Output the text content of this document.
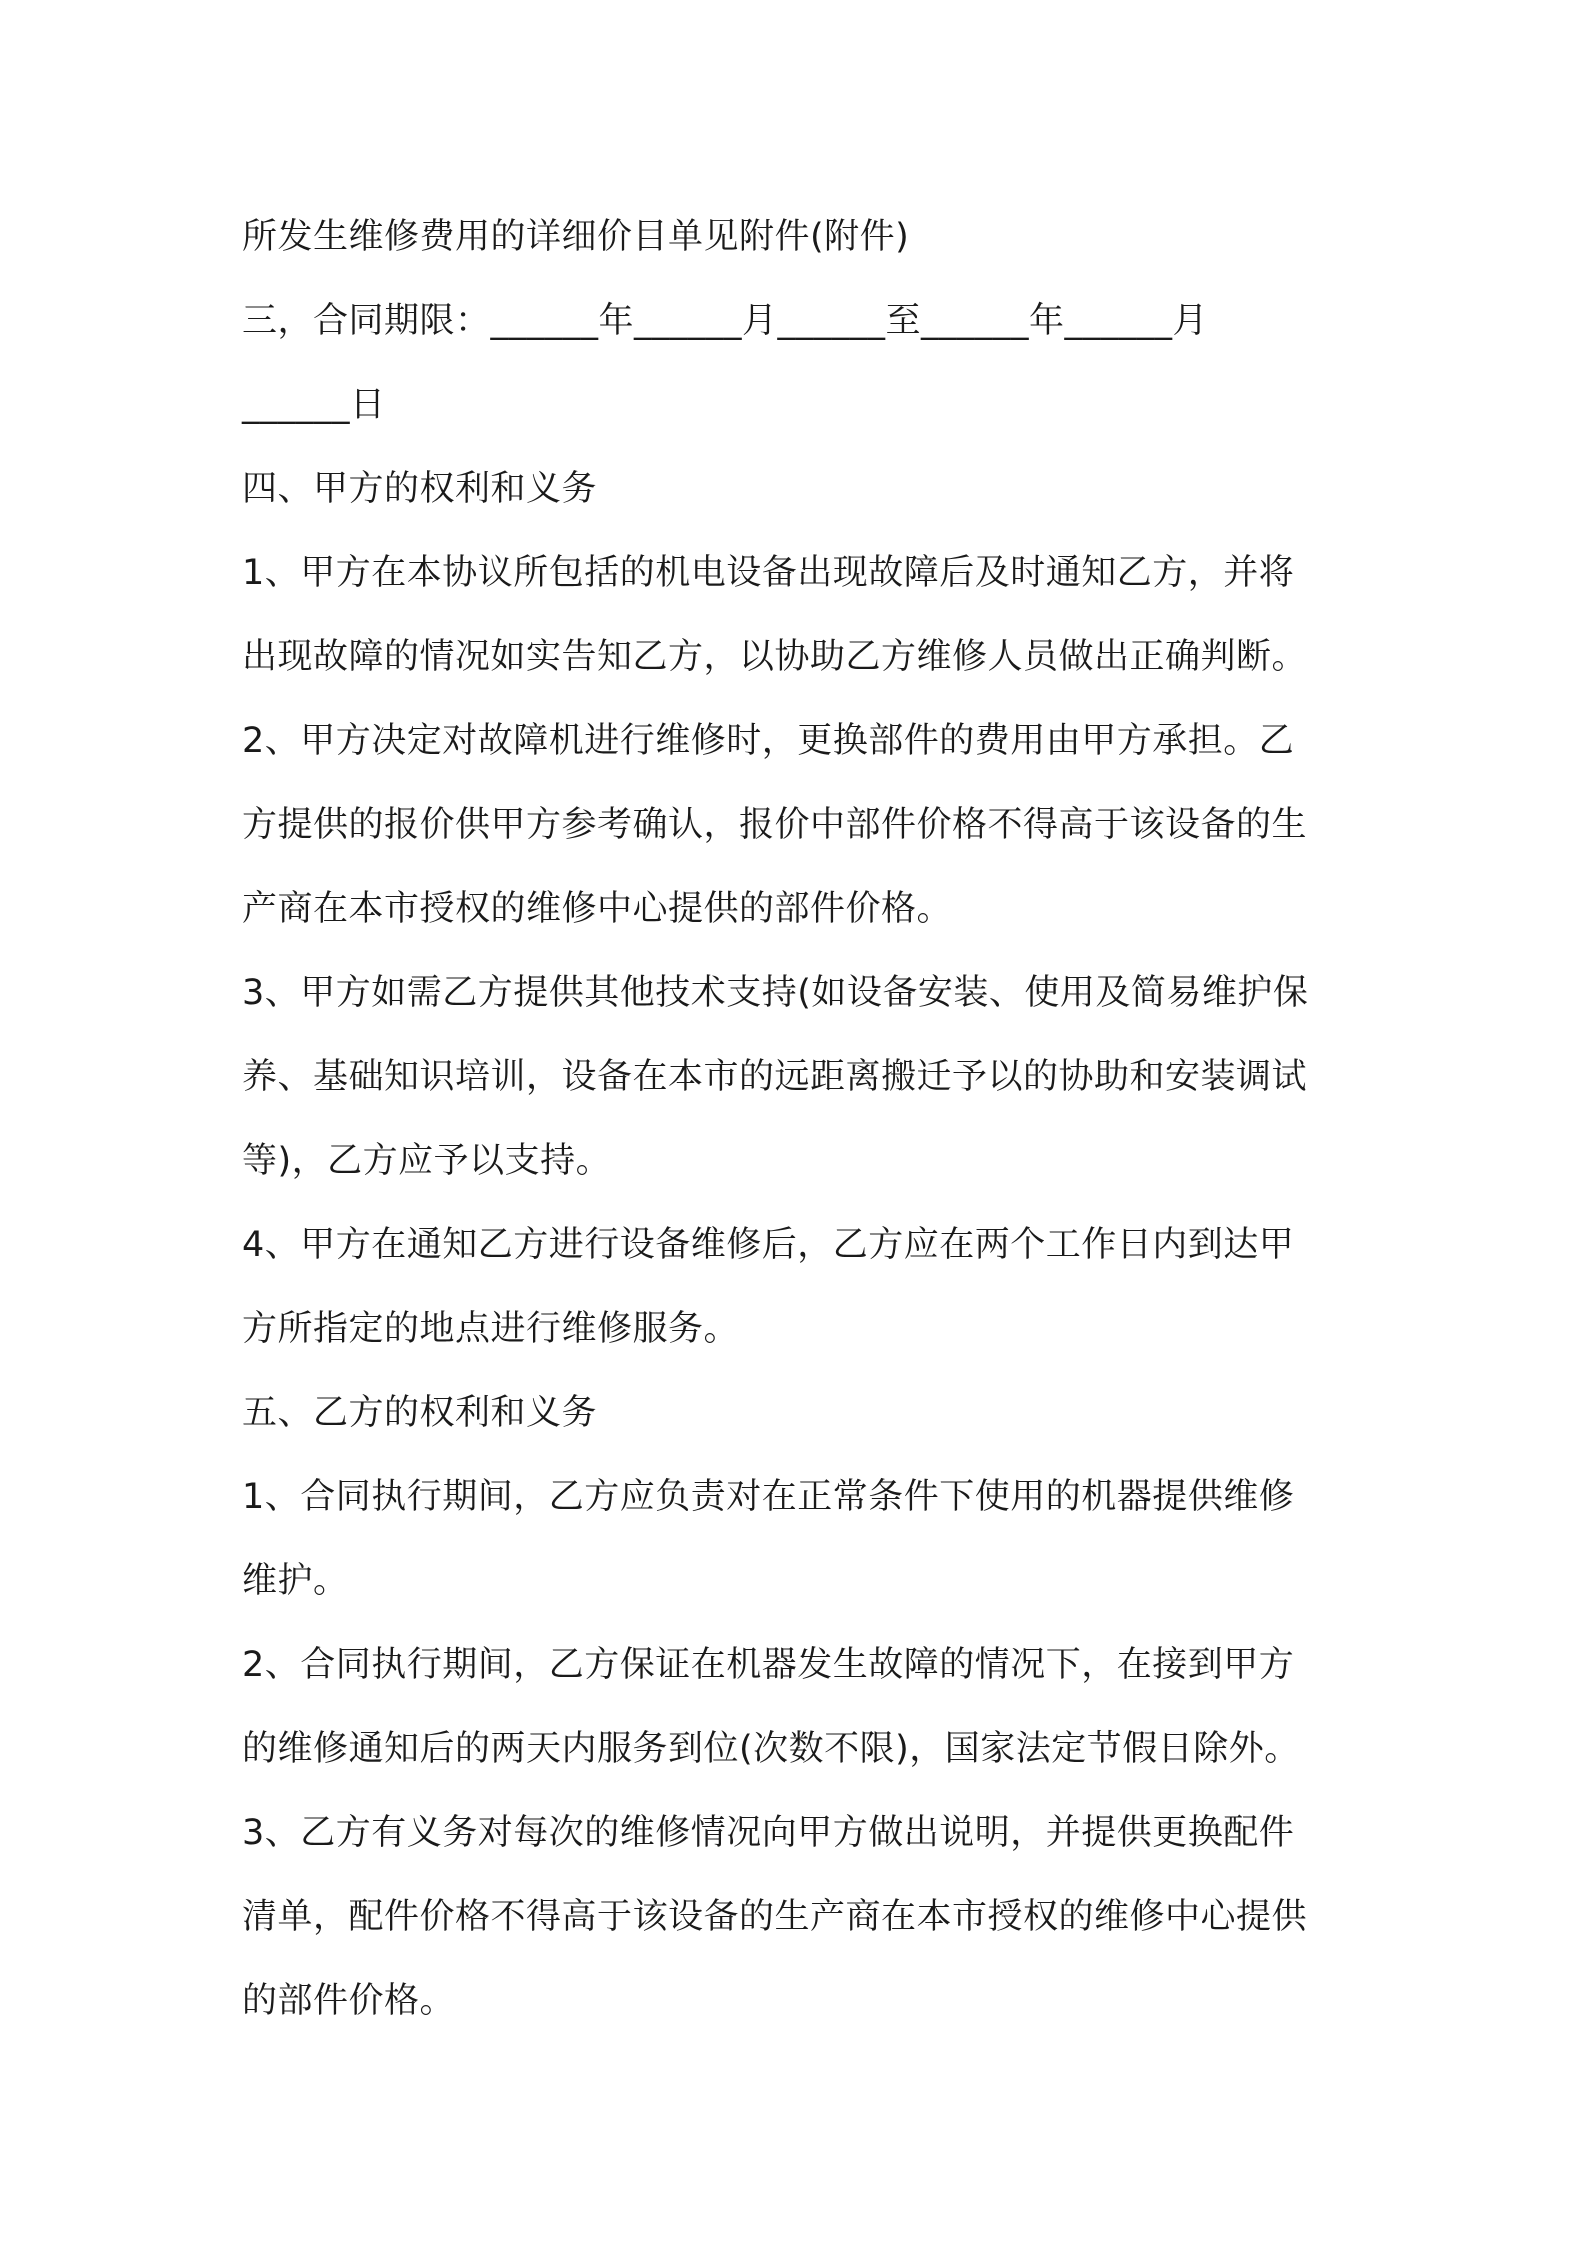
所发生维修费用的详细价目单见附件(附件)
三，合同期限：______年______月______至______年______月
______日
四、甲方的权利和义务
1、甲方在本协议所包括的机电设备出现故障后及时通知乙方，并将
出现故障的情况如实告知乙方，以协助乙方维修人员做出正确判断。
2、甲方决定对故障机进行维修时，更换部件的费用由甲方承担。乙
方提供的报价供甲方参考确认，报价中部件价格不得高于该设备的生
产商在本市授权的维修中心提供的部件价格。
3、甲方如需乙方提供其他技术支持(如设备安装、使用及简易维护保
养、基础知识培训，设备在本市的远距离搬迁予以的协助和安装调试
等)，乙方应予以支持。
4、甲方在通知乙方进行设备维修后，乙方应在两个工作日内到达甲
方所指定的地点进行维修服务。
五、乙方的权利和义务
1、合同执行期间，乙方应负责对在正常条件下使用的机器提供维修
维护。
2、合同执行期间，乙方保证在机器发生故障的情况下，在接到甲方
的维修通知后的两天内服务到位(次数不限)，国家法定节假日除外。
3、乙方有义务对每次的维修情况向甲方做出说明，并提供更换配件
清单，配件价格不得高于该设备的生产商在本市授权的维修中心提供
的部件价格。
